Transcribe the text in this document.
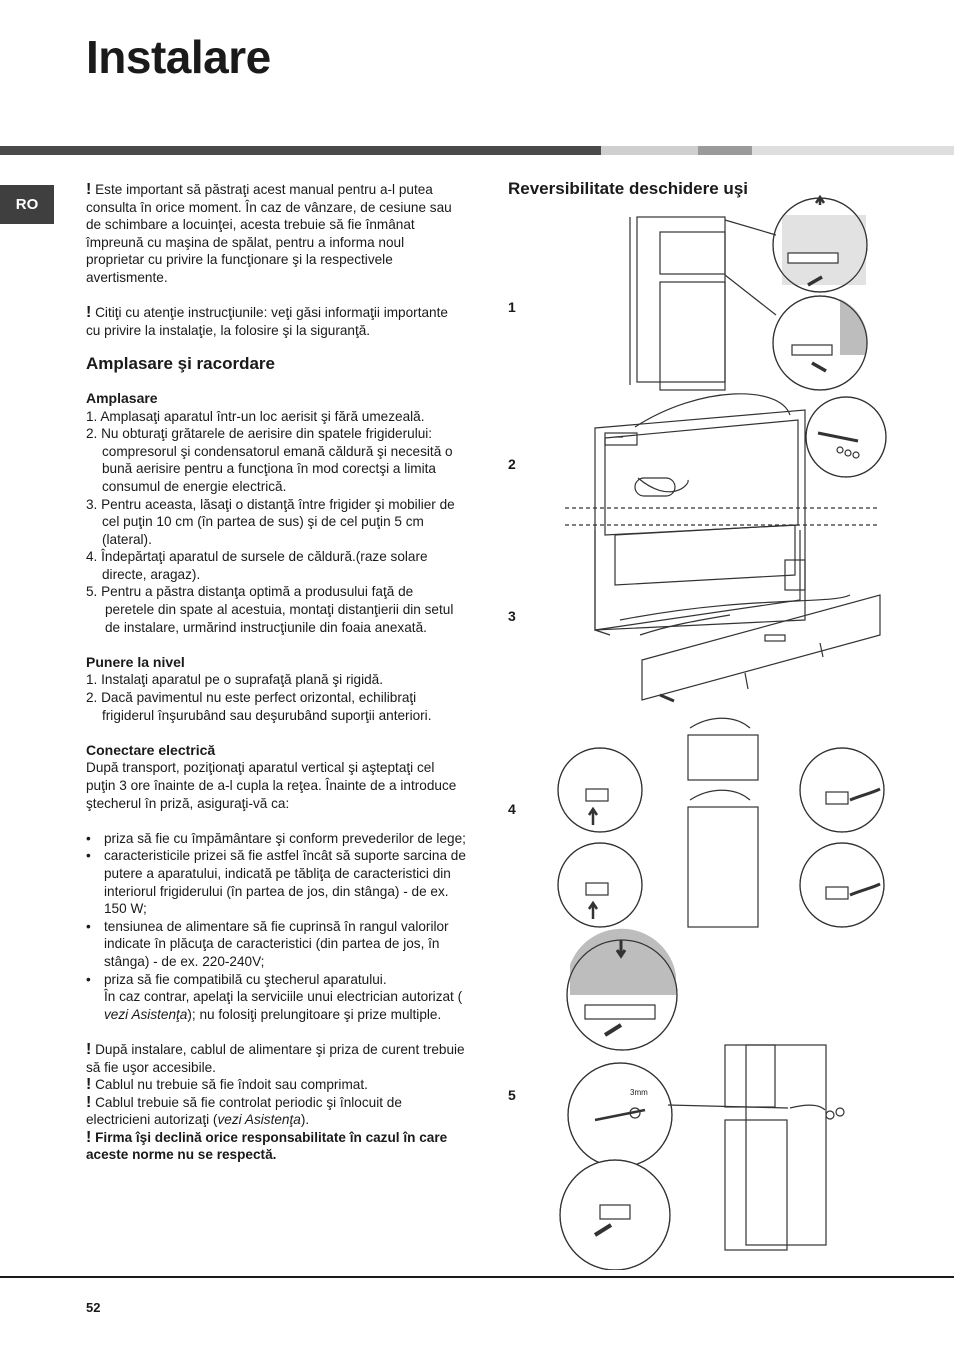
Instalare
RO

! Este important să păstraţi acest manual pentru a-l putea consulta în orice moment. În caz de vânzare, de cesiune sau de schimbare a locuinţei, acesta trebuie să fie înmânat împreună cu maşina de spălat, pentru a informa noul proprietar cu privire la funcţionare şi la respectivele avertismente.

! Citiţi cu atenţie instrucţiunile: veţi găsi informaţii importante cu privire la instalaţie, la folosire şi la siguranţă.

Amplasare şi racordare

Amplasare

1. Amplasaţi aparatul într-un loc aerisit şi fără umezeală.

2. Nu obturaţi grătarele de aerisire din spatele frigiderului: compresorul şi condensatorul emană căldură şi necesită o bună aerisire pentru a funcţiona în mod corectşi a limita consumul de energie electrică.

3. Pentru aceasta, lăsaţi o distanţă între frigider şi mobilier de cel puţin 10 cm (în partea de sus) şi de cel puţin 5 cm (lateral).

4. Îndepărtaţi aparatul de sursele de căldură.(raze solare directe, aragaz).

5. Pentru a păstra distanţa optimă a produsului faţă de peretele din spate al acestuia, montaţi distanţierii din setul de instalare, urmărind instrucţiunile din foaia anexată.

Punere la nivel

1. Instalaţi aparatul pe o suprafaţă plană şi rigidă.

2. Dacă pavimentul nu este perfect orizontal, echilibraţi frigiderul înşurubând sau deşurubând suporţii anteriori.

Conectare electrică

După transport, poziţionaţi aparatul vertical şi aşteptaţi cel puţin 3 ore înainte de a-l cupla la reţea. Înainte de a introduce ştecherul în priză, asiguraţi-vă ca:

• priza să fie cu împământare şi conform prevederilor de lege;
• caracteristicile prizei să fie astfel încât să suporte sarcina de putere a aparatului, indicată pe tăbliţa de caracteristici din interiorul frigiderului (în partea de jos, din stânga) - de ex. 150 W;
• tensiunea de alimentare să fie cuprinsă în rangul valorilor indicate în plăcuţa de caracteristici (din partea de jos, în stânga) - de ex. 220-240V;
• priza să fie compatibilă cu ştecherul aparatului.
În caz contrar, apelaţi la serviciile unui electrician autorizat ( vezi Asistenţa); nu folosiţi prelungitoare şi prize multiple.

! După instalare, cablul de alimentare şi priza de curent trebuie să fie uşor accesibile.

! Cablul nu trebuie să fie îndoit sau comprimat.

! Cablul trebuie să fie controlat periodic şi înlocuit de electricieni autorizaţi (vezi Asistenţa).

! Firma îşi declină orice responsabilitate în cazul în care aceste norme nu se respectă.

Reversibilitate deschidere uşi
1
2
3
4
5	3mm
52
